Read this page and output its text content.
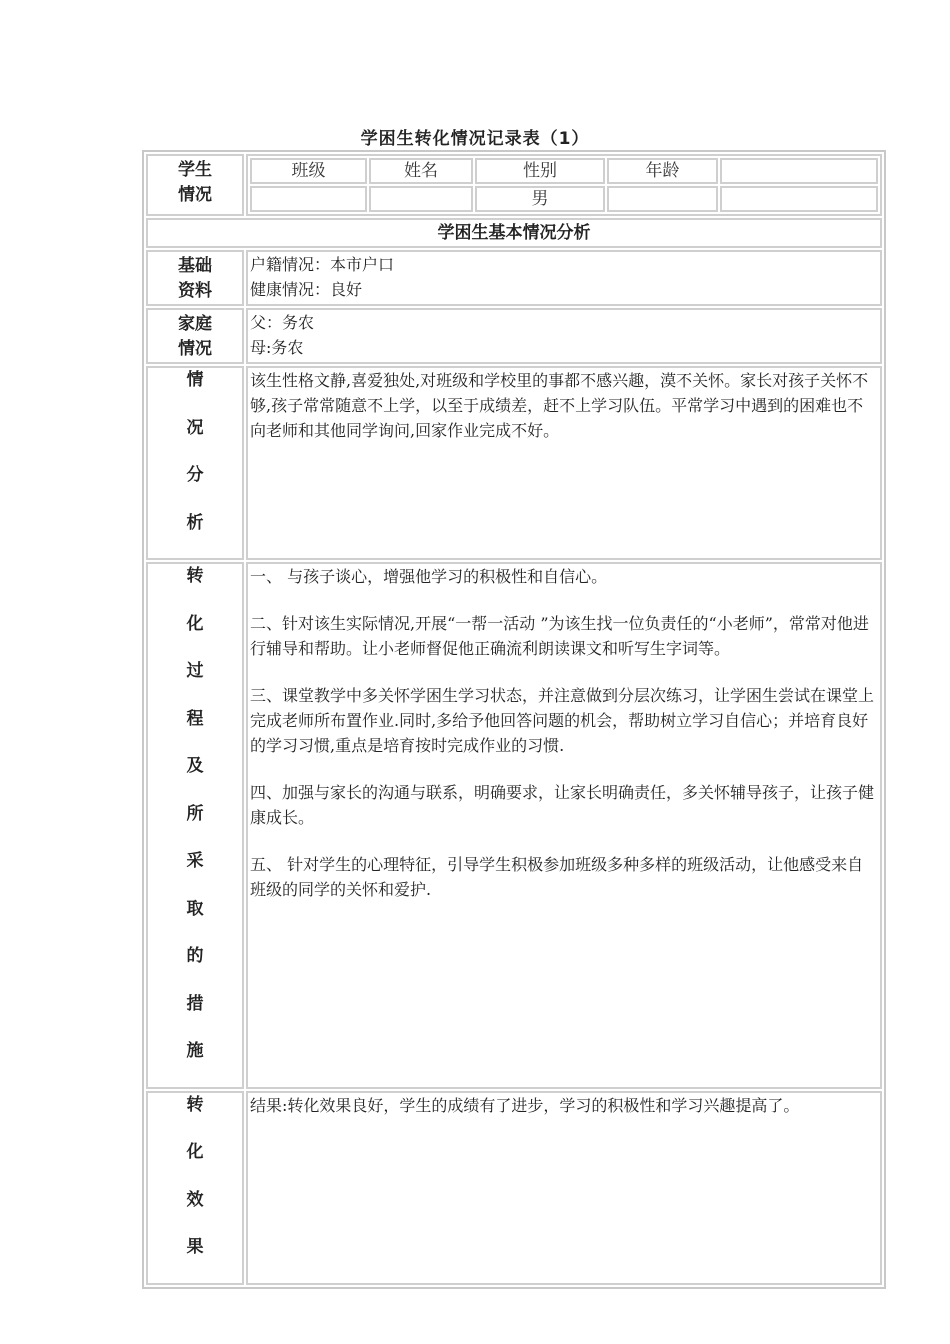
学困生转化情况记录表（1）
学生
情况

班级	姓名	性别	年龄	
		男		

学困生基本情况分析

基础
资料

户籍情况：本市户口

健康情况：良好

家庭
情况

父：务农

母:务农

情
况
分
析

该生性格文静,喜爱独处,对班级和学校里的事都不感兴趣，漠不关怀。家长对孩子关怀不够,孩子常常随意不上学，以至于成绩差，赶不上学习队伍。平常学习中遇到的困难也不向老师和其他同学询问,回家作业完成不好。

转
化
过
程
及
所
采
取
的
措
施

一、 与孩子谈心，增强他学习的积极性和自信心。

二、针对该生实际情况,开展“一帮一活动 ”为该生找一位负责任的“小老师”，常常对他进行辅导和帮助。让小老师督促他正确流利朗读课文和听写生字词等。

三、课堂教学中多关怀学困生学习状态，并注意做到分层次练习，让学困生尝试在课堂上完成老师所布置作业.同时,多给予他回答问题的机会，帮助树立学习自信心；并培育良好的学习习惯,重点是培育按时完成作业的习惯.

四、加强与家长的沟通与联系，明确要求，让家长明确责任，多关怀辅导孩子，让孩子健康成长。

五、 针对学生的心理特征，引导学生积极参加班级多种多样的班级活动，让他感受来自班级的同学的关怀和爱护.

转
化
效
果

结果:转化效果良好，学生的成绩有了进步，学习的积极性和学习兴趣提高了。
